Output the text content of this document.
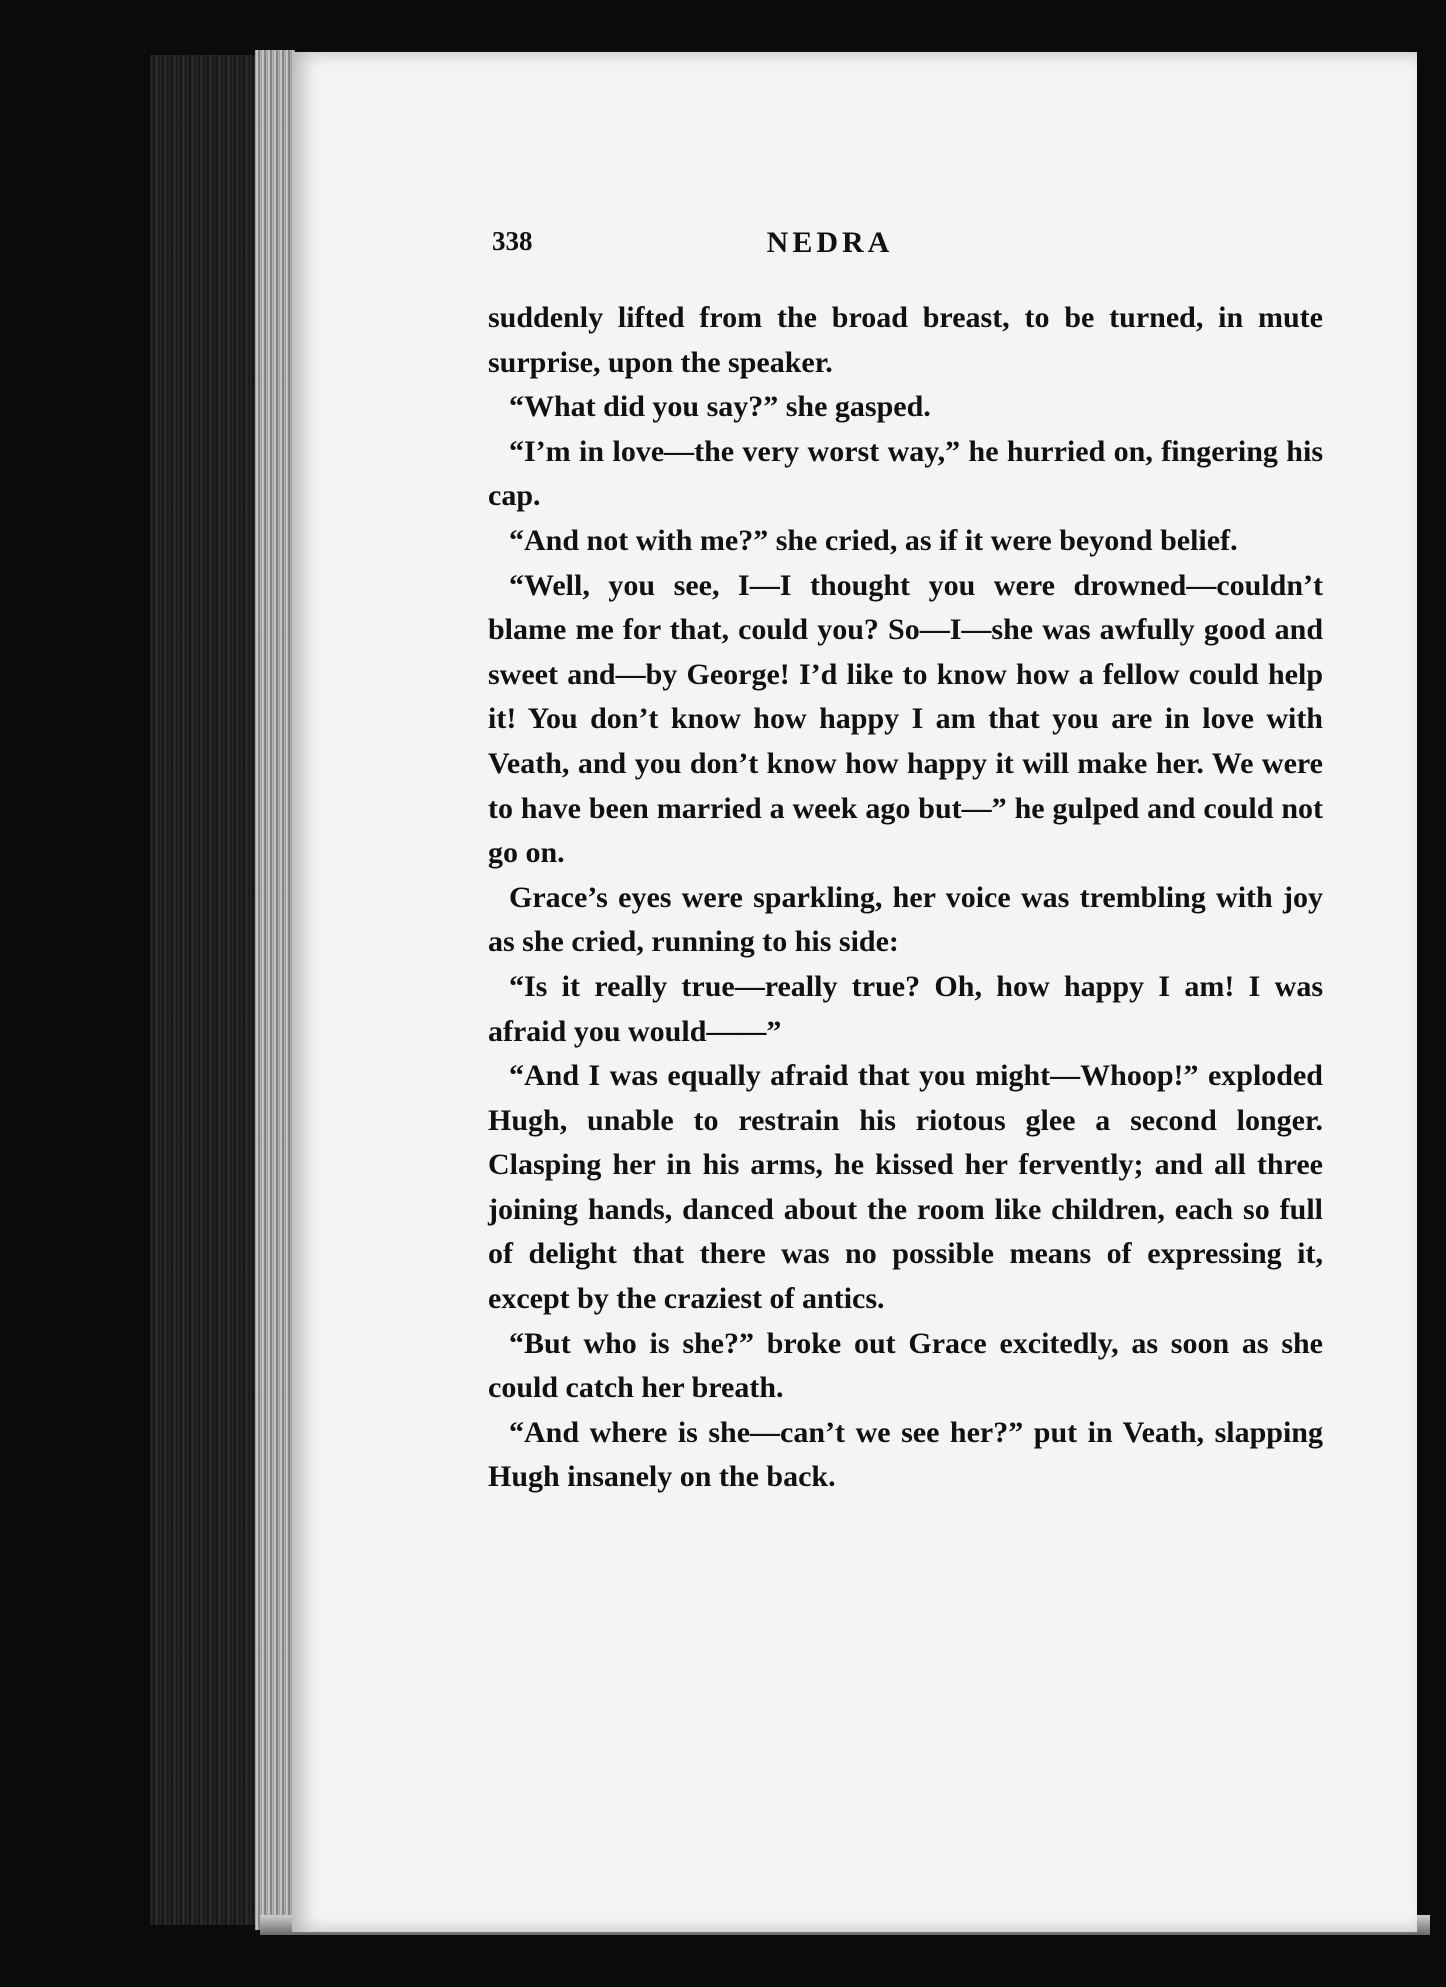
338	NEDRA

suddenly lifted from the broad breast, to be turned, in mute surprise, upon the speaker.

“What did you say?” she gasped.

“I’m in love—the very worst way,” he hurried on, fingering his cap.

“And not with me?” she cried, as if it were beyond belief.

“Well, you see, I—I thought you were drowned—couldn’t blame me for that, could you? So—I—she was awfully good and sweet and—by George! I’d like to know how a fellow could help it! You don’t know how happy I am that you are in love with Veath, and you don’t know how happy it will make her. We were to have been married a week ago but—” he gulped and could not go on.

Grace’s eyes were sparkling, her voice was trembling with joy as she cried, running to his side:

“Is it really true—really true? Oh, how happy I am! I was afraid you would——”

“And I was equally afraid that you might—Whoop!” exploded Hugh, unable to restrain his riotous glee a second longer. Clasping her in his arms, he kissed her fervently; and all three joining hands, danced about the room like children, each so full of delight that there was no possible means of expressing it, except by the craziest of antics.

“But who is she?” broke out Grace excitedly, as soon as she could catch her breath.

“And where is she—can’t we see her?” put in Veath, slapping Hugh insanely on the back.
